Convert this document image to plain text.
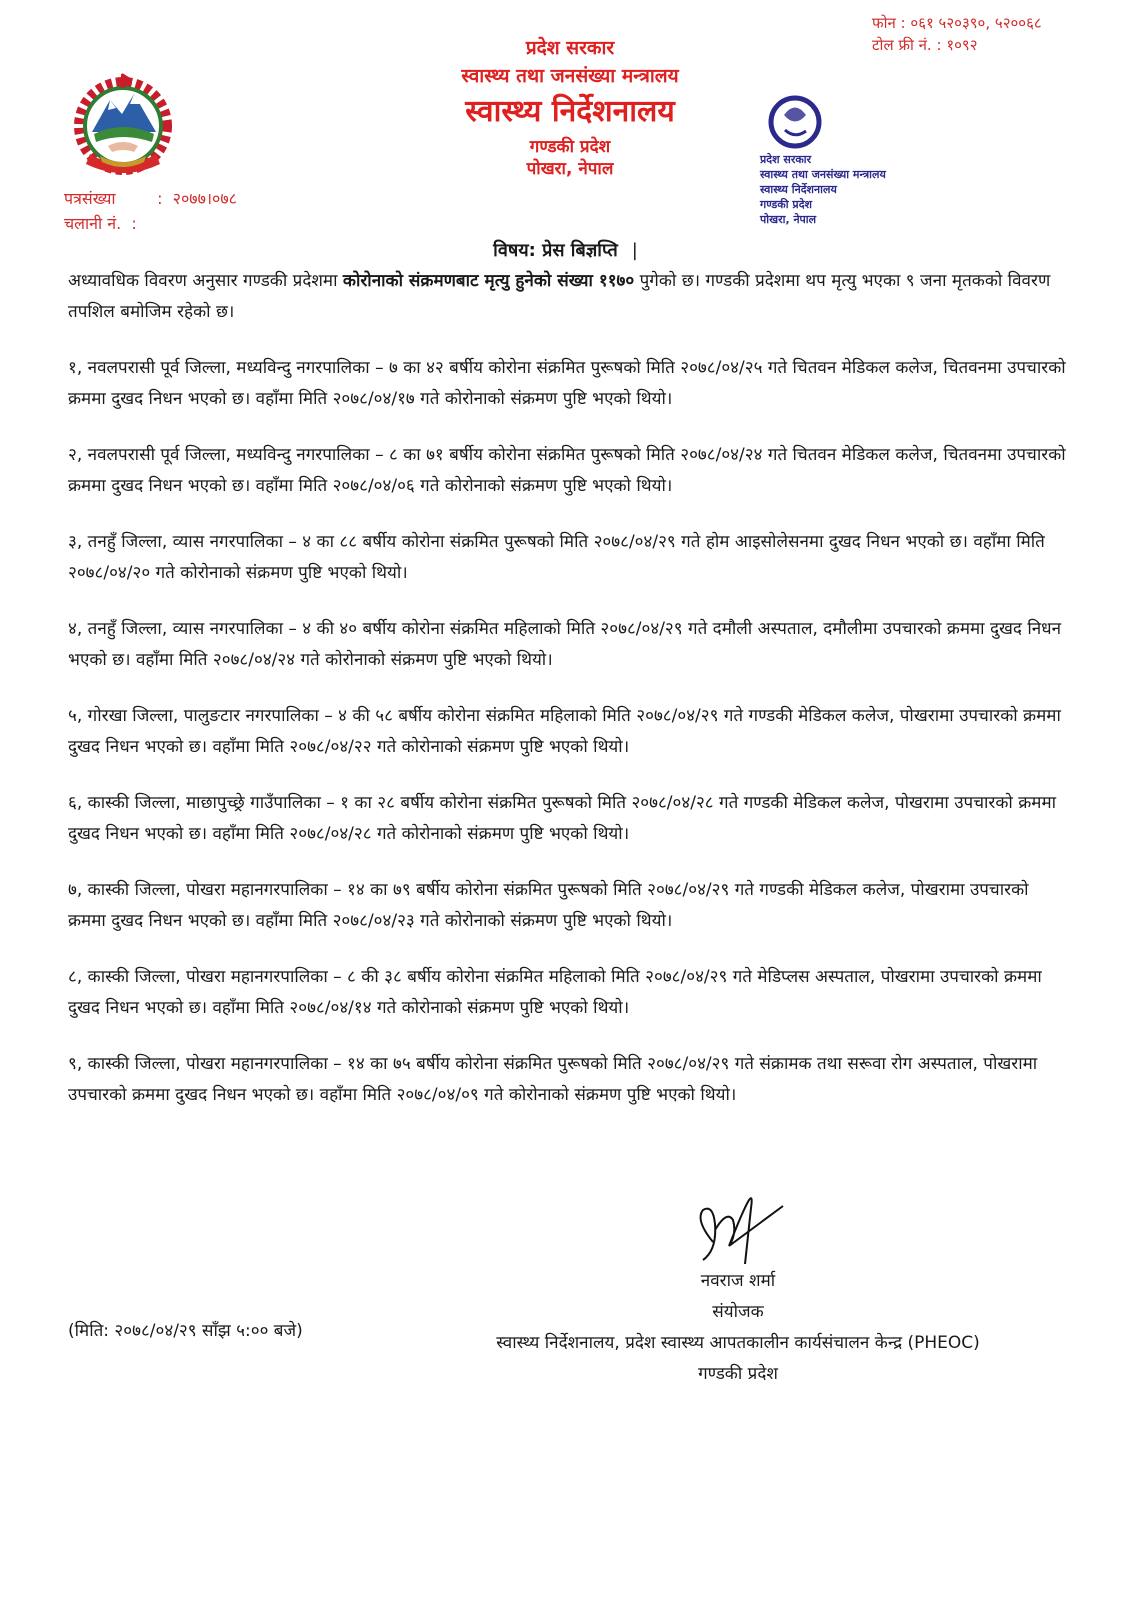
पत्रसंख्या	:  २०७७।०७८
चलानी नं.  :
फोन : ०६१ ५२०३९०, ५२००६८
टोल फ्री नं. : १०९२
प्रदेश सरकार
स्वास्थ्य तथा जनसंख्या मन्त्रालय
स्वास्थ्य निर्देशनालय
गण्डकी प्रदेश
पोखरा, नेपाल	प्रदेश सरकार
स्वास्थ्य तथा जनसंख्या मन्त्रालय
स्वास्थ्य निर्देशनालय
गण्डकी प्रदेश
पोखरा, नेपाल
विषय: प्रेस बिज्ञप्ति |

अध्यावधिक विवरण अनुसार गण्डकी प्रदेशमा कोरोनाको संक्रमणबाट मृत्यु हुनेको संख्या ११७० पुगेको छ। गण्डकी प्रदेशमा थप मृत्यु भएका ९ जना मृतकको विवरण तपशिल बमोजिम रहेको छ।

१, नवलपरासी पूर्व जिल्ला, मध्यविन्दु नगरपालिका – ७ का ४२ बर्षीय कोरोना संक्रमित पुरूषको मिति २०७८/०४/२५ गते चितवन मेडिकल कलेज, चितवनमा उपचारको क्रममा दुखद निधन भएको छ। वहाँमा मिति २०७८/०४/१७ गते कोरोनाको संक्रमण पुष्टि भएको थियो।

२, नवलपरासी पूर्व जिल्ला, मध्यविन्दु नगरपालिका – ८ का ७१ बर्षीय कोरोना संक्रमित पुरूषको मिति २०७८/०४/२४ गते चितवन मेडिकल कलेज, चितवनमा उपचारको क्रममा दुखद निधन भएको छ। वहाँमा मिति २०७८/०४/०६ गते कोरोनाको संक्रमण पुष्टि भएको थियो।

३, तनहुँ जिल्ला, व्यास नगरपालिका – ४ का ८८ बर्षीय कोरोना संक्रमित पुरूषको मिति २०७८/०४/२९ गते होम आइसोलेसनमा दुखद निधन भएको छ। वहाँमा मिति २०७८/०४/२० गते कोरोनाको संक्रमण पुष्टि भएको थियो।

४, तनहुँ जिल्ला, व्यास नगरपालिका – ४ की ४० बर्षीय कोरोना संक्रमित महिलाको मिति २०७८/०४/२९ गते दमौली अस्पताल, दमौलीमा उपचारको क्रममा दुखद निधन भएको छ। वहाँमा मिति २०७८/०४/२४ गते कोरोनाको संक्रमण पुष्टि भएको थियो।

५, गोरखा जिल्ला, पालुङटार नगरपालिका – ४ की ५८ बर्षीय कोरोना संक्रमित महिलाको मिति २०७८/०४/२९ गते गण्डकी मेडिकल कलेज, पोखरामा उपचारको क्रममा दुखद निधन भएको छ। वहाँमा मिति २०७८/०४/२२ गते कोरोनाको संक्रमण पुष्टि भएको थियो।

६, कास्की जिल्ला, माछापुच्छ्रे गाउँपालिका – १ का २८ बर्षीय कोरोना संक्रमित पुरूषको मिति २०७८/०४/२८ गते गण्डकी मेडिकल कलेज, पोखरामा उपचारको क्रममा दुखद निधन भएको छ। वहाँमा मिति २०७८/०४/२८ गते कोरोनाको संक्रमण पुष्टि भएको थियो।

७, कास्की जिल्ला, पोखरा महानगरपालिका – १४ का ७९ बर्षीय कोरोना संक्रमित पुरूषको मिति २०७८/०४/२९ गते गण्डकी मेडिकल कलेज, पोखरामा उपचारको क्रममा दुखद निधन भएको छ। वहाँमा मिति २०७८/०४/२३ गते कोरोनाको संक्रमण पुष्टि भएको थियो।

८, कास्की जिल्ला, पोखरा महानगरपालिका – ८ की ३८ बर्षीय कोरोना संक्रमित महिलाको मिति २०७८/०४/२९ गते मेडिप्लस अस्पताल, पोखरामा उपचारको क्रममा दुखद निधन भएको छ। वहाँमा मिति २०७८/०४/१४ गते कोरोनाको संक्रमण पुष्टि भएको थियो।

९, कास्की जिल्ला, पोखरा महानगरपालिका – १४ का ७५ बर्षीय कोरोना संक्रमित पुरूषको मिति २०७८/०४/२९ गते संक्रामक तथा सरूवा रोग अस्पताल, पोखरामा उपचारको क्रममा दुखद निधन भएको छ। वहाँमा मिति २०७८/०४/०९ गते कोरोनाको संक्रमण पुष्टि भएको थियो।

(मिति: २०७८/०४/२९ साँझ ५:०० बजे)
नवराज शर्मा
संयोजक
स्वास्थ्य निर्देशनालय, प्रदेश स्वास्थ्य आपतकालीन कार्यसंचालन केन्द्र (PHEOC)
गण्डकी प्रदेश
